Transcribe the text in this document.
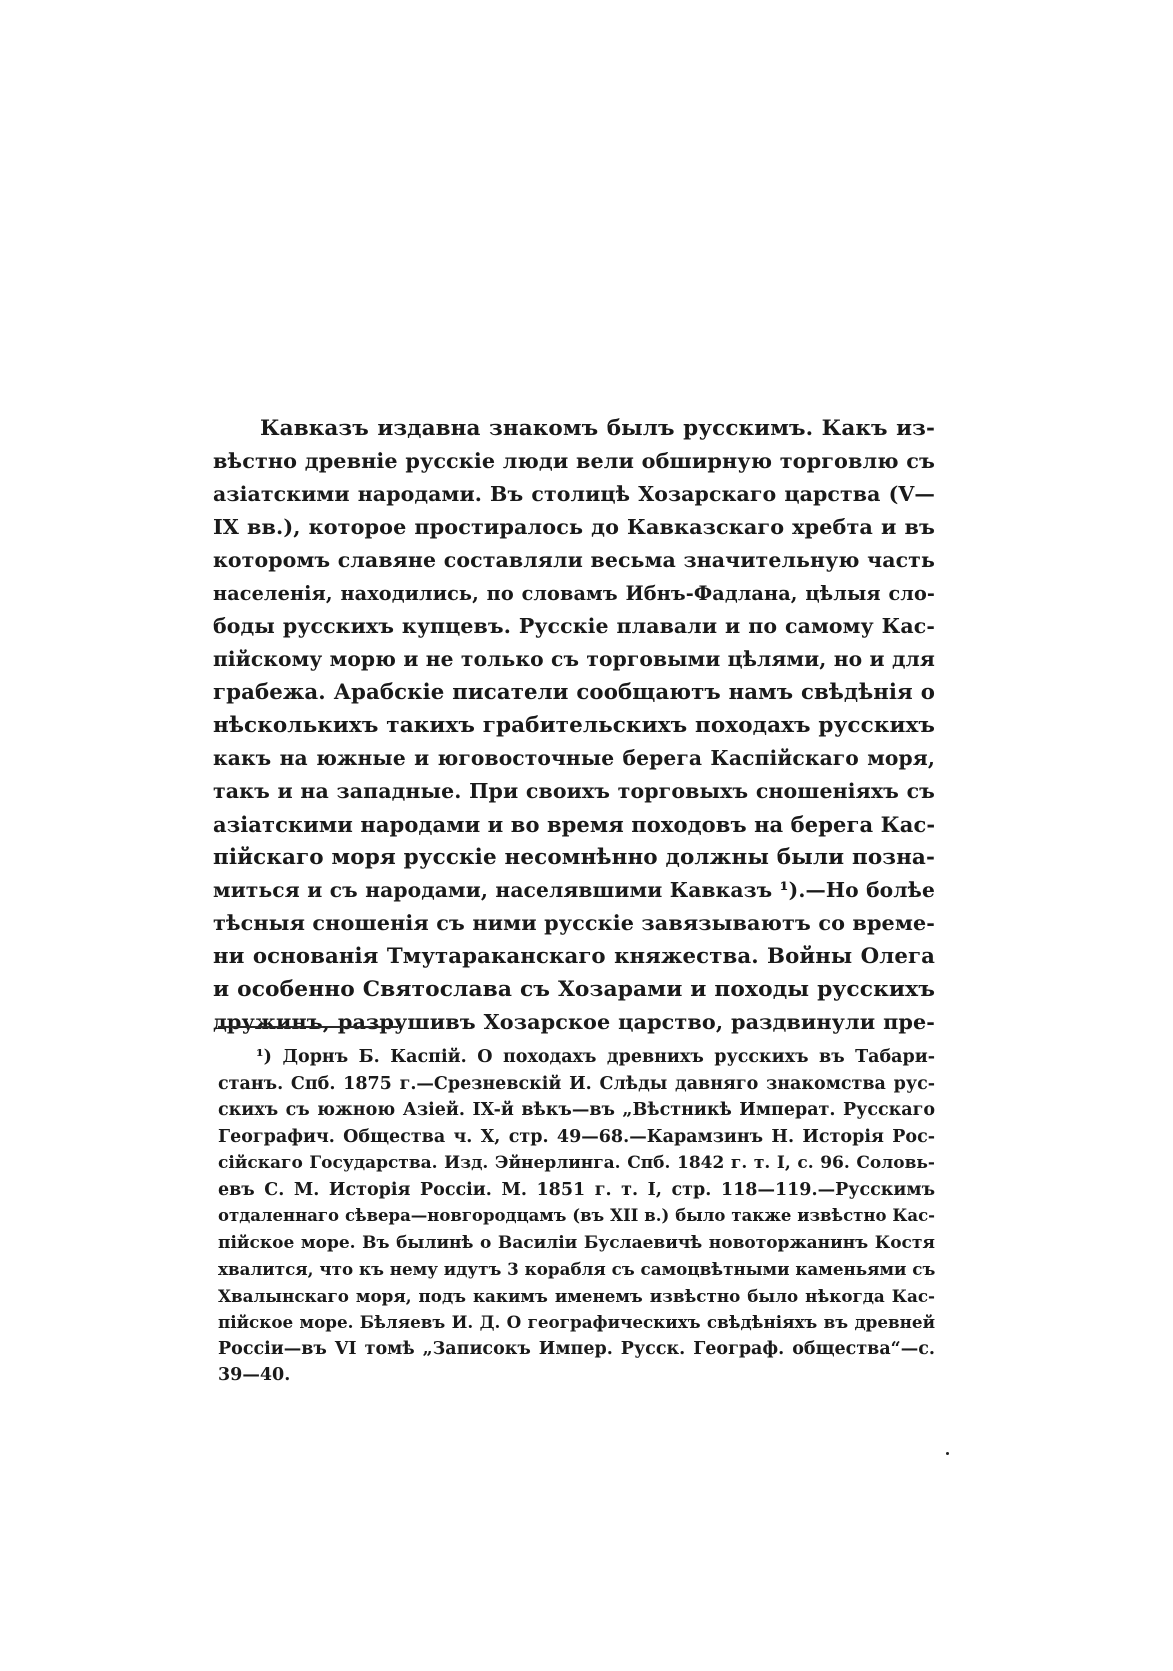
Кавказъ издавна знакомъ былъ русскимъ. Какъ из-
вѣстно древніе русскіе люди вели обширную торговлю съ
азіатскими народами. Въ столицѣ Хозарскаго царства (V—
IX вв.), которое простиралось до Кавказскаго хребта и въ
которомъ славяне составляли весьма значительную часть
населенія, находились, по словамъ Ибнъ-Фадлана, цѣлыя сло-
боды русскихъ купцевъ. Русскіе плавали и по самому Кас-
пійскому морю и не только съ торговыми цѣлями, но и для
грабежа. Арабскіе писатели сообщаютъ намъ свѣдѣнія о
нѣсколькихъ такихъ грабительскихъ походахъ русскихъ
какъ на южные и юговосточные берега Каспійскаго моря,
такъ и на западные. При своихъ торговыхъ сношеніяхъ съ
азіатскими народами и во время походовъ на берега Кас-
пійскаго моря русскіе несомнѣнно должны были позна-
миться и съ народами, населявшими Кавказъ ¹).—Но болѣе
тѣсныя сношенія съ ними русскіе завязываютъ со време-
ни основанія Тмутараканскаго княжества. Войны Олега
и особенно Святослава съ Хозарами и походы русскихъ
дружинъ, разрушивъ Хозарское царство, раздвинули пре-
¹) Дорнъ Б. Каспій. О походахъ древнихъ русскихъ въ Табари-
станъ. Спб. 1875 г.—Срезневскій И. Слѣды давняго знакомства рус-
скихъ съ южною Азіей. IX-й вѣкъ—въ „Вѣстникѣ Императ. Русскаго
Географич. Общества ч. X, стр. 49—68.—Карамзинъ Н. Исторія Рос-
сійскаго Государства. Изд. Эйнерлинга. Спб. 1842 г. т. I, с. 96. Соловь-
евъ С. М. Исторія Россіи. М. 1851 г. т. I, стр. 118—119.—Русскимъ
отдаленнаго сѣвера—новгородцамъ (въ XII в.) было также извѣстно Кас-
пійское море. Въ былинѣ о Василіи Буслаевичѣ новоторжанинъ Костя
хвалится, что къ нему идутъ 3 корабля съ самоцвѣтными каменьями съ
Хвалынскаго моря, подъ какимъ именемъ извѣстно было нѣкогда Кас-
пійское море. Бѣляевъ И. Д. О географическихъ свѣдѣніяхъ въ древней
Россіи—въ VI томѣ „Записокъ Импер. Русск. Географ. общества“—с.
39—40.
